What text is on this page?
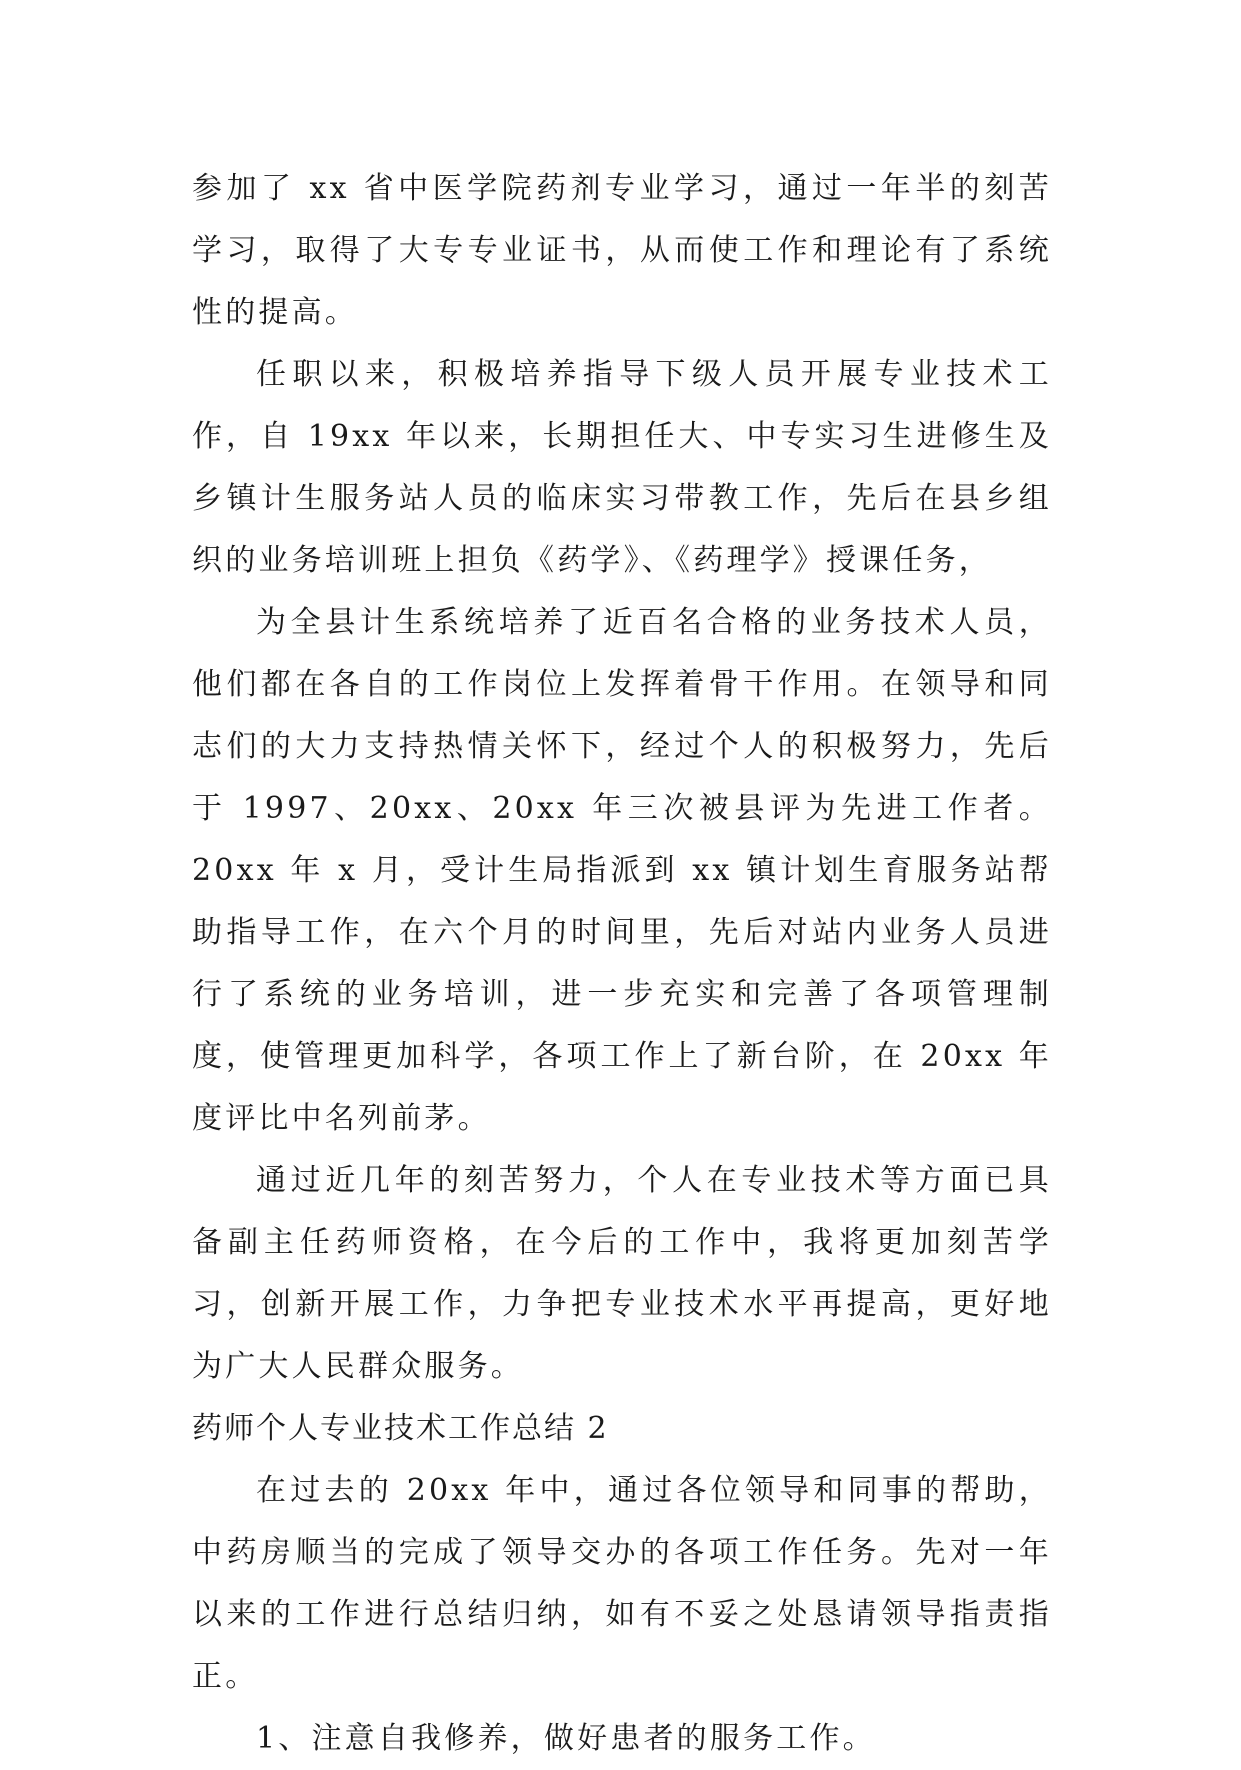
参加了 xx 省中医学院药剂专业学习，通过一年半的刻苦学习，取得了大专专业证书，从而使工作和理论有了系统性的提高。

任职以来，积极培养指导下级人员开展专业技术工作，自 19xx 年以来，长期担任大、中专实习生进修生及乡镇计生服务站人员的临床实习带教工作，先后在县乡组织的业务培训班上担负《药学》、《药理学》授课任务，

为全县计生系统培养了近百名合格的业务技术人员，他们都在各自的工作岗位上发挥着骨干作用。在领导和同志们的大力支持热情关怀下，经过个人的积极努力，先后于 1997、20xx、20xx 年三次被县评为先进工作者。20xx 年 x 月，受计生局指派到 xx 镇计划生育服务站帮助指导工作，在六个月的时间里，先后对站内业务人员进行了系统的业务培训，进一步充实和完善了各项管理制度，使管理更加科学，各项工作上了新台阶，在 20xx 年度评比中名列前茅。

通过近几年的刻苦努力，个人在专业技术等方面已具备副主任药师资格，在今后的工作中，我将更加刻苦学习，创新开展工作，力争把专业技术水平再提高，更好地为广大人民群众服务。

药师个人专业技术工作总结 2

在过去的 20xx 年中，通过各位领导和同事的帮助，中药房顺当的完成了领导交办的各项工作任务。先对一年以来的工作进行总结归纳，如有不妥之处恳请领导指责指正。

1、注意自我修养，做好患者的服务工作。
